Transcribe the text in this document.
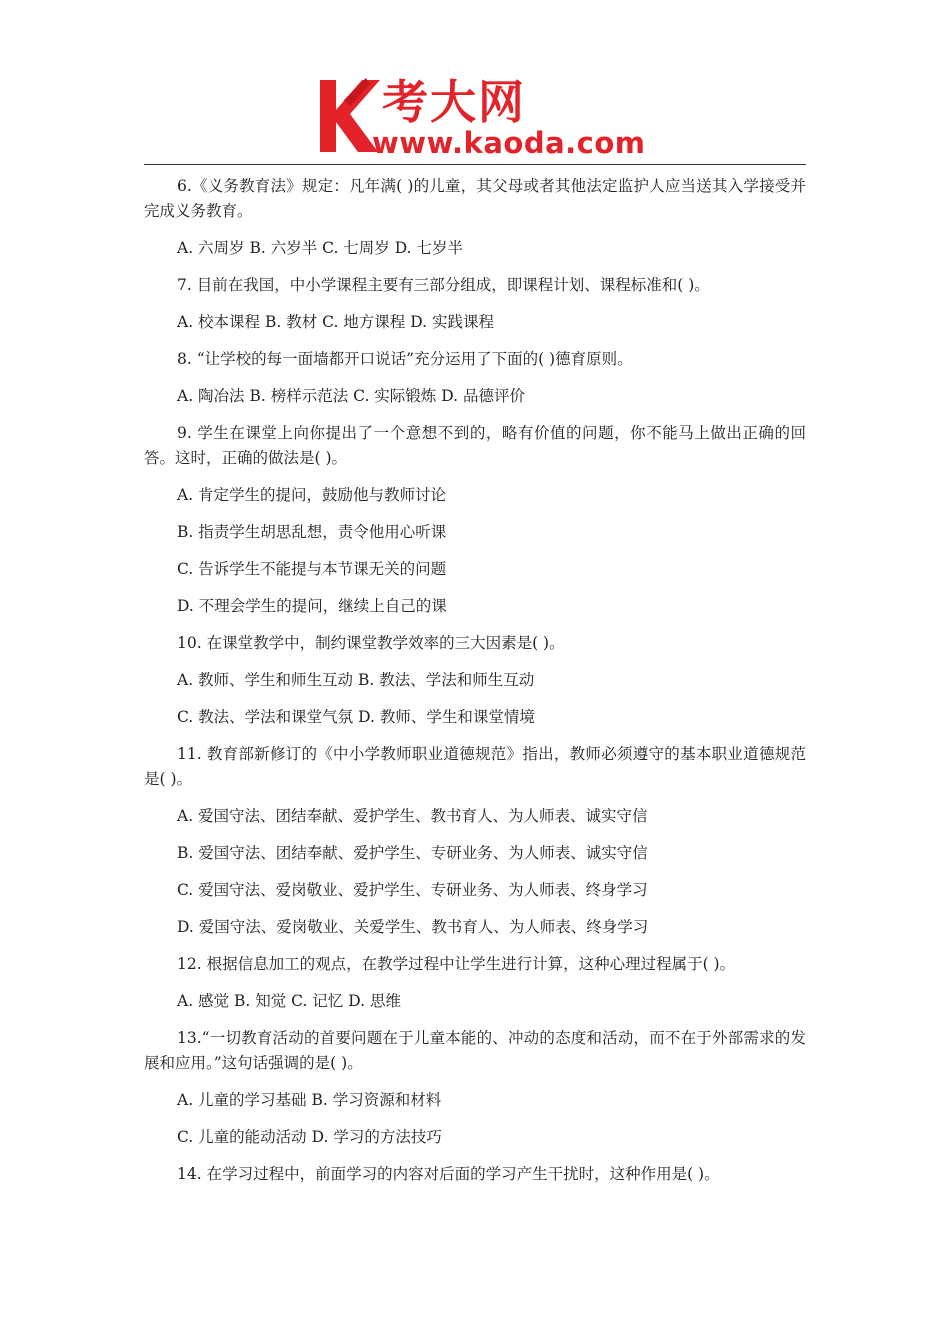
考大网
www.kaoda.com

6.《义务教育法》规定：凡年满( )的儿童，其父母或者其他法定监护人应当送其入学接受并完成义务教育。

A. 六周岁 B. 六岁半 C. 七周岁 D. 七岁半

7. 目前在我国，中小学课程主要有三部分组成，即课程计划、课程标准和( )。

A. 校本课程 B. 教材 C. 地方课程 D. 实践课程

8. “让学校的每一面墙都开口说话”充分运用了下面的( )德育原则。

A. 陶冶法 B. 榜样示范法 C. 实际锻炼 D. 品德评价

9. 学生在课堂上向你提出了一个意想不到的，略有价值的问题，你不能马上做出正确的回答。这时，正确的做法是( )。

A. 肯定学生的提问，鼓励他与教师讨论

B. 指责学生胡思乱想，责令他用心听课

C. 告诉学生不能提与本节课无关的问题

D. 不理会学生的提问，继续上自己的课

10. 在课堂教学中，制约课堂教学效率的三大因素是( )。

A. 教师、学生和师生互动 B. 教法、学法和师生互动

C. 教法、学法和课堂气氛 D. 教师、学生和课堂情境

11. 教育部新修订的《中小学教师职业道德规范》指出，教师必须遵守的基本职业道德规范是( )。

A. 爱国守法、团结奉献、爱护学生、教书育人、为人师表、诚实守信

B. 爱国守法、团结奉献、爱护学生、专研业务、为人师表、诚实守信

C. 爱国守法、爱岗敬业、爱护学生、专研业务、为人师表、终身学习

D. 爱国守法、爱岗敬业、关爱学生、教书育人、为人师表、终身学习

12. 根据信息加工的观点，在教学过程中让学生进行计算，这种心理过程属于( )。

A. 感觉 B. 知觉 C. 记忆 D. 思维

13.“一切教育活动的首要问题在于儿童本能的、冲动的态度和活动，而不在于外部需求的发展和应用。”这句话强调的是( )。

A. 儿童的学习基础 B. 学习资源和材料

C. 儿童的能动活动 D. 学习的方法技巧

14. 在学习过程中，前面学习的内容对后面的学习产生干扰时，这种作用是( )。
